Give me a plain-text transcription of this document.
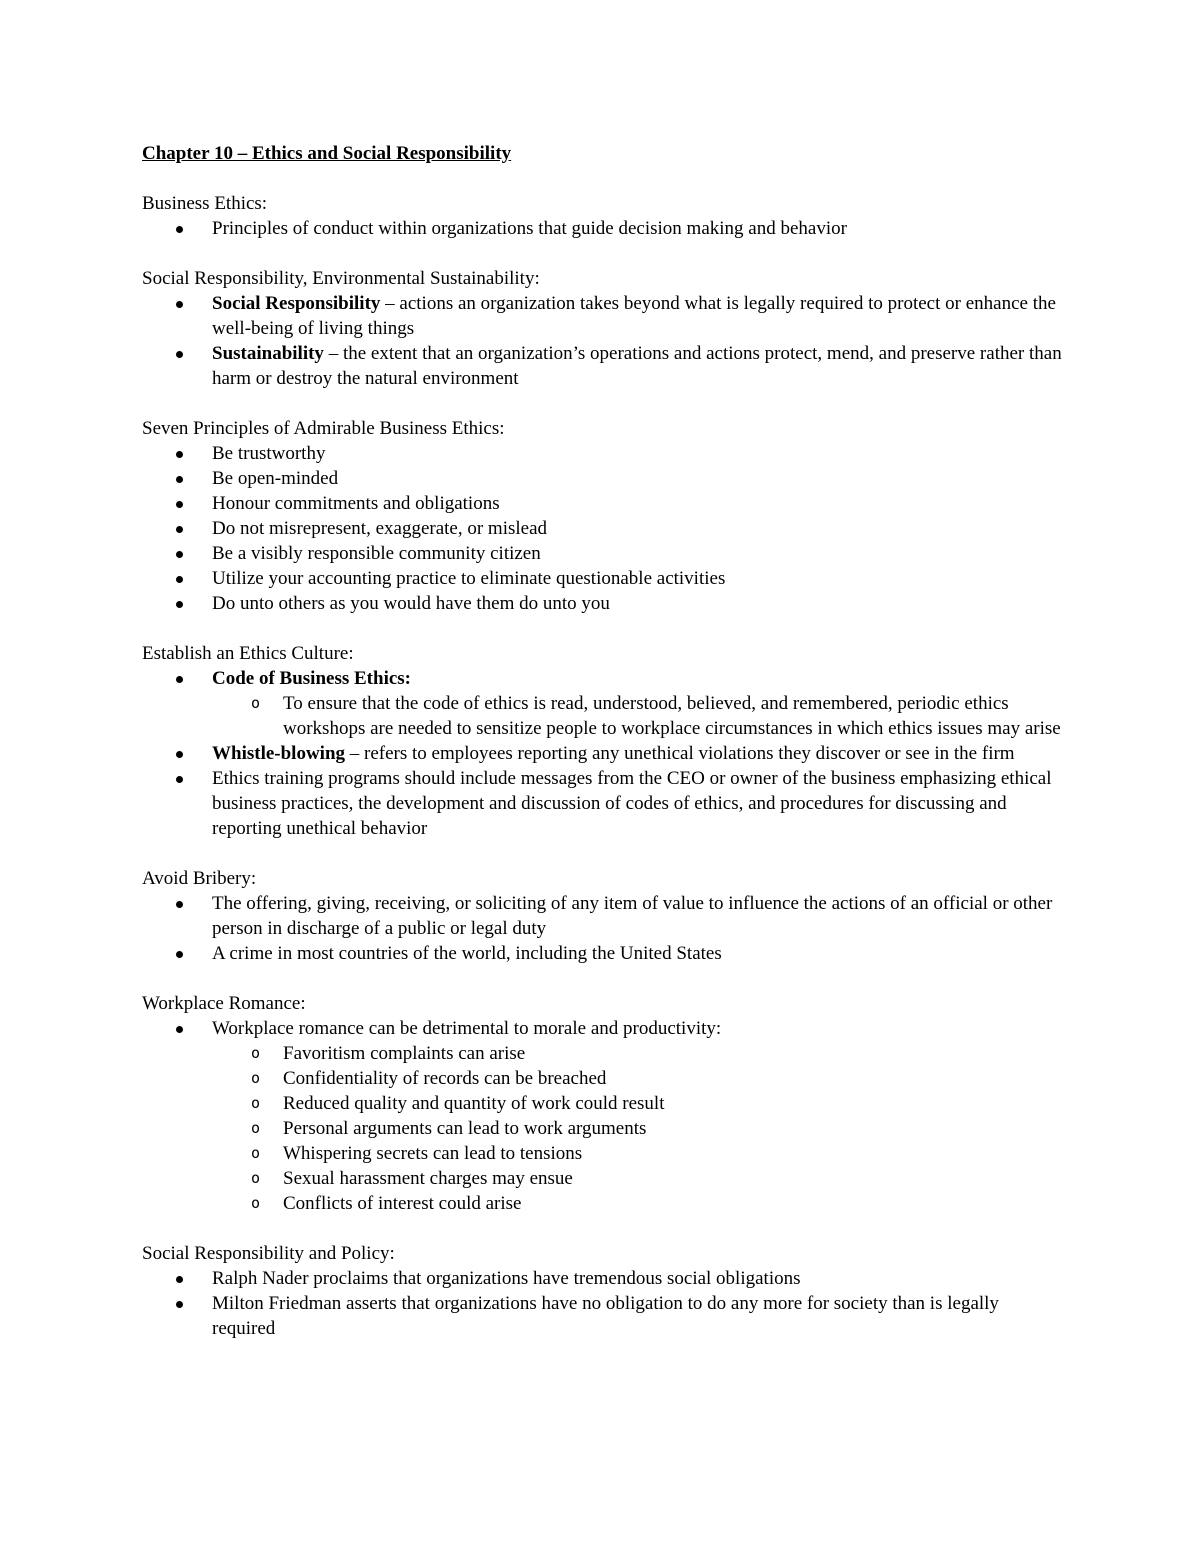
Chapter 10 – Ethics and Social Responsibility
Business Ethics:
Principles of conduct within organizations that guide decision making and behavior
Social Responsibility, Environmental Sustainability:
Social Responsibility – actions an organization takes beyond what is legally required to protect or enhance the well-being of living things
Sustainability – the extent that an organization’s operations and actions protect, mend, and preserve rather than harm or destroy the natural environment
Seven Principles of Admirable Business Ethics:
Be trustworthy
Be open-minded
Honour commitments and obligations
Do not misrepresent, exaggerate, or mislead
Be a visibly responsible community citizen
Utilize your accounting practice to eliminate questionable activities
Do unto others as you would have them do unto you
Establish an Ethics Culture:
Code of Business Ethics:
o To ensure that the code of ethics is read, understood, believed, and remembered, periodic ethics workshops are needed to sensitize people to workplace circumstances in which ethics issues may arise
Whistle-blowing – refers to employees reporting any unethical violations they discover or see in the firm
Ethics training programs should include messages from the CEO or owner of the business emphasizing ethical business practices, the development and discussion of codes of ethics, and procedures for discussing and reporting unethical behavior
Avoid Bribery:
The offering, giving, receiving, or soliciting of any item of value to influence the actions of an official or other person in discharge of a public or legal duty
A crime in most countries of the world, including the United States
Workplace Romance:
Workplace romance can be detrimental to morale and productivity:
o Favoritism complaints can arise
o Confidentiality of records can be breached
o Reduced quality and quantity of work could result
o Personal arguments can lead to work arguments
o Whispering secrets can lead to tensions
o Sexual harassment charges may ensue
o Conflicts of interest could arise
Social Responsibility and Policy:
Ralph Nader proclaims that organizations have tremendous social obligations
Milton Friedman asserts that organizations have no obligation to do any more for society than is legally required
